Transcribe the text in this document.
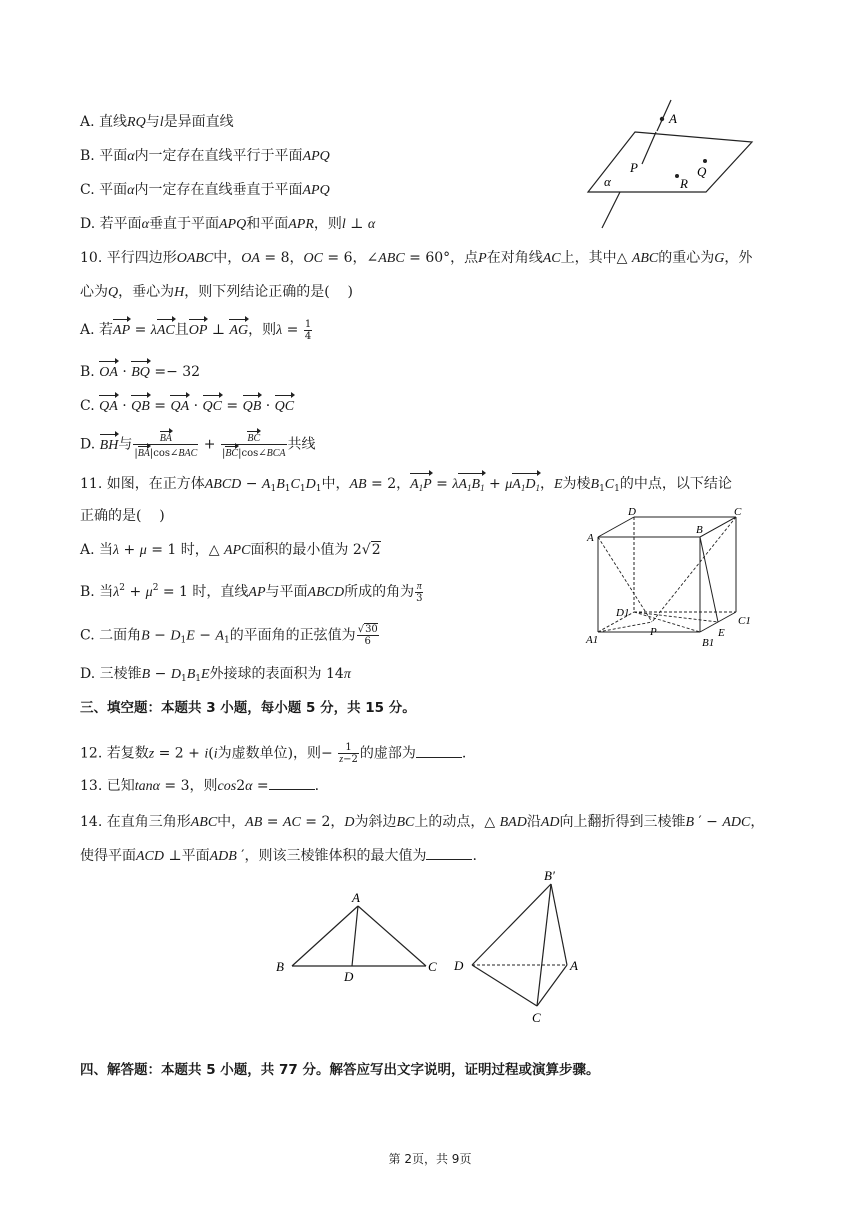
A. 直线RQ与l是异面直线
B. 平面α内一定存在直线平行于平面APQ
C. 平面α内一定存在直线垂直于平面APQ
D. 若平面α垂直于平面APQ和平面APR，则l ⊥ α
A
P	Q
R
α
10. 平行四边形OABC中，OA = 8，OC = 6，∠ABC = 60°，点P在对角线AC上，其中△ ABC的重心为G，外
心为Q，垂心为H，则下列结论正确的是(    )
A. 若AP = λAC且OP ⊥ AG，则$\lambda = \frac{1}{4}$
B. OA · BQ =− 32
C. QA · QB = QA · QC = QB · QC
D. BH与 $\frac{BA}{\text{|BA|cos∠BAC}} + \frac{BC}{\text{|BC|cos∠BCA}}$ 共线
11. 如图，在正方体ABCD − $A_1B_1C_1D_1$中，AB = 2，$A_1P = \lambda A_1B_1 + \mu A_1D_1$，E为棱$B_1C_1$的中点，以下结论
正确的是(    )
A. 当λ + μ = 1 时，△ APC面积的最小值为 2√2
B. 当$\lambda^2 + \mu^2 = 1$ 时，直线AP与平面ABCD所成的角为 $\frac{\pi}{3}$
C. 二面角$B - D_1E - A_1$的平面角的正弦值为 $\frac{√30}{6}$
D. 三棱锥$B - D_1B_1E$外接球的表面积为 14π
A
B
C
D
A1	B1
C1
D1
P	E
三、填空题：本题共 3 小题，每小题 5 分，共 15 分。
12. 若复数z = 2 + i(i为虚数单位)，则− $\frac{1}{z-2}$ 的虚部为	.
13. 已知tanα = 3，则cos2α =	.
14. 在直角三角形ABC中，AB = AC = 2，D为斜边BC上的动点，△ BAD沿AD向上翻折得到三棱锥B ′ − ADC，
使得平面ACD ⊥平面ADB ′，则该三棱锥体积的最大值为	.
A
B	C
D
B′
D	A
C
四、解答题：本题共 5 小题，共 77 分。解答应写出文字说明，证明过程或演算步骤。
第 2页，共 9页
